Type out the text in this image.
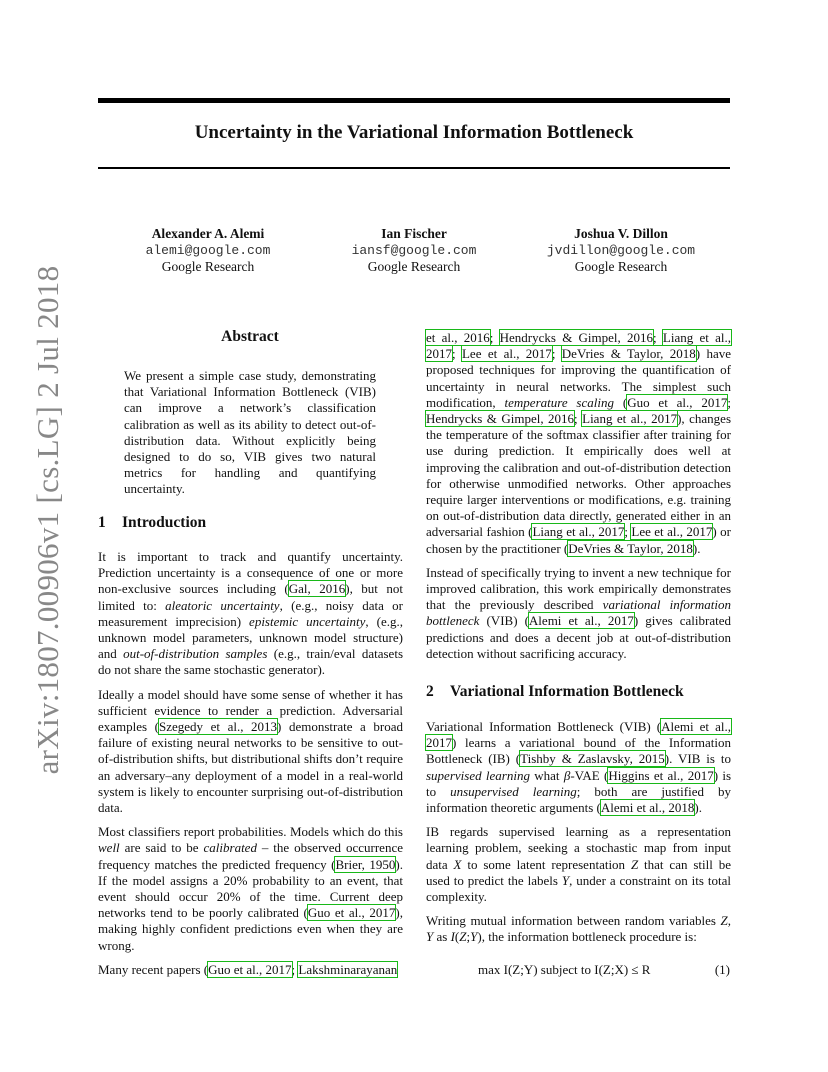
Uncertainty in the Variational Information Bottleneck
arXiv:1807.00906v1 [cs.LG] 2 Jul 2018
Alexander A. Alemi
alemi@google.com
Google Research
Ian Fischer
iansf@google.com
Google Research
Joshua V. Dillon
jvdillon@google.com
Google Research
Abstract
We present a simple case study, demonstrating that Variational Information Bottleneck (VIB) can improve a network’s classification calibration as well as its ability to detect out-of-distribution data. Without explicitly being designed to do so, VIB gives two natural metrics for handling and quantifying uncertainty.
1 Introduction

It is important to track and quantify uncertainty. Prediction uncertainty is a consequence of one or more non-exclusive sources including (Gal, 2016), but not limited to: aleatoric uncertainty, (e.g., noisy data or measurement imprecision) epistemic uncertainty, (e.g., unknown model parameters, unknown model structure) and out-of-distribution samples (e.g., train/eval datasets do not share the same stochastic generator).

Ideally a model should have some sense of whether it has sufficient evidence to render a prediction. Adversarial examples (Szegedy et al., 2013) demonstrate a broad failure of existing neural networks to be sensitive to out-of-distribution shifts, but distributional shifts don’t require an adversary–any deployment of a model in a real-world system is likely to encounter surprising out-of-distribution data.

Most classifiers report probabilities. Models which do this well are said to be calibrated – the observed occurrence frequency matches the predicted frequency (Brier, 1950). If the model assigns a 20% probability to an event, that event should occur 20% of the time. Current deep networks tend to be poorly calibrated (Guo et al., 2017), making highly confident predictions even when they are wrong.

Many recent papers (Guo et al., 2017; Lakshminarayanan

et al., 2016; Hendrycks & Gimpel, 2016; Liang et al., 2017; Lee et al., 2017; DeVries & Taylor, 2018) have proposed techniques for improving the quantification of uncertainty in neural networks. The simplest such modification, temperature scaling (Guo et al., 2017; Hendrycks & Gimpel, 2016; Liang et al., 2017), changes the temperature of the softmax classifier after training for use during prediction. It empirically does well at improving the calibration and out-of-distribution detection for otherwise unmodified networks. Other approaches require larger interventions or modifications, e.g. training on out-of-distribution data directly, generated either in an adversarial fashion (Liang et al., 2017; Lee et al., 2017) or chosen by the practitioner (DeVries & Taylor, 2018).

Instead of specifically trying to invent a new technique for improved calibration, this work empirically demonstrates that the previously described variational information bottleneck (VIB) (Alemi et al., 2017) gives calibrated predictions and does a decent job at out-of-distribution detection without sacrificing accuracy.

2 Variational Information Bottleneck

Variational Information Bottleneck (VIB) (Alemi et al., 2017) learns a variational bound of the Information Bottleneck (IB) (Tishby & Zaslavsky, 2015). VIB is to supervised learning what β-VAE (Higgins et al., 2017) is to unsupervised learning; both are justified by information theoretic arguments (Alemi et al., 2018).

IB regards supervised learning as a representation learning problem, seeking a stochastic map from input data X to some latent representation Z that can still be used to predict the labels Y, under a constraint on its total complexity.

Writing mutual information between random variables Z, Y as I(Z;Y), the information bottleneck procedure is:

max I(Z;Y) subject to I(Z;X) ≤ R	(1)
